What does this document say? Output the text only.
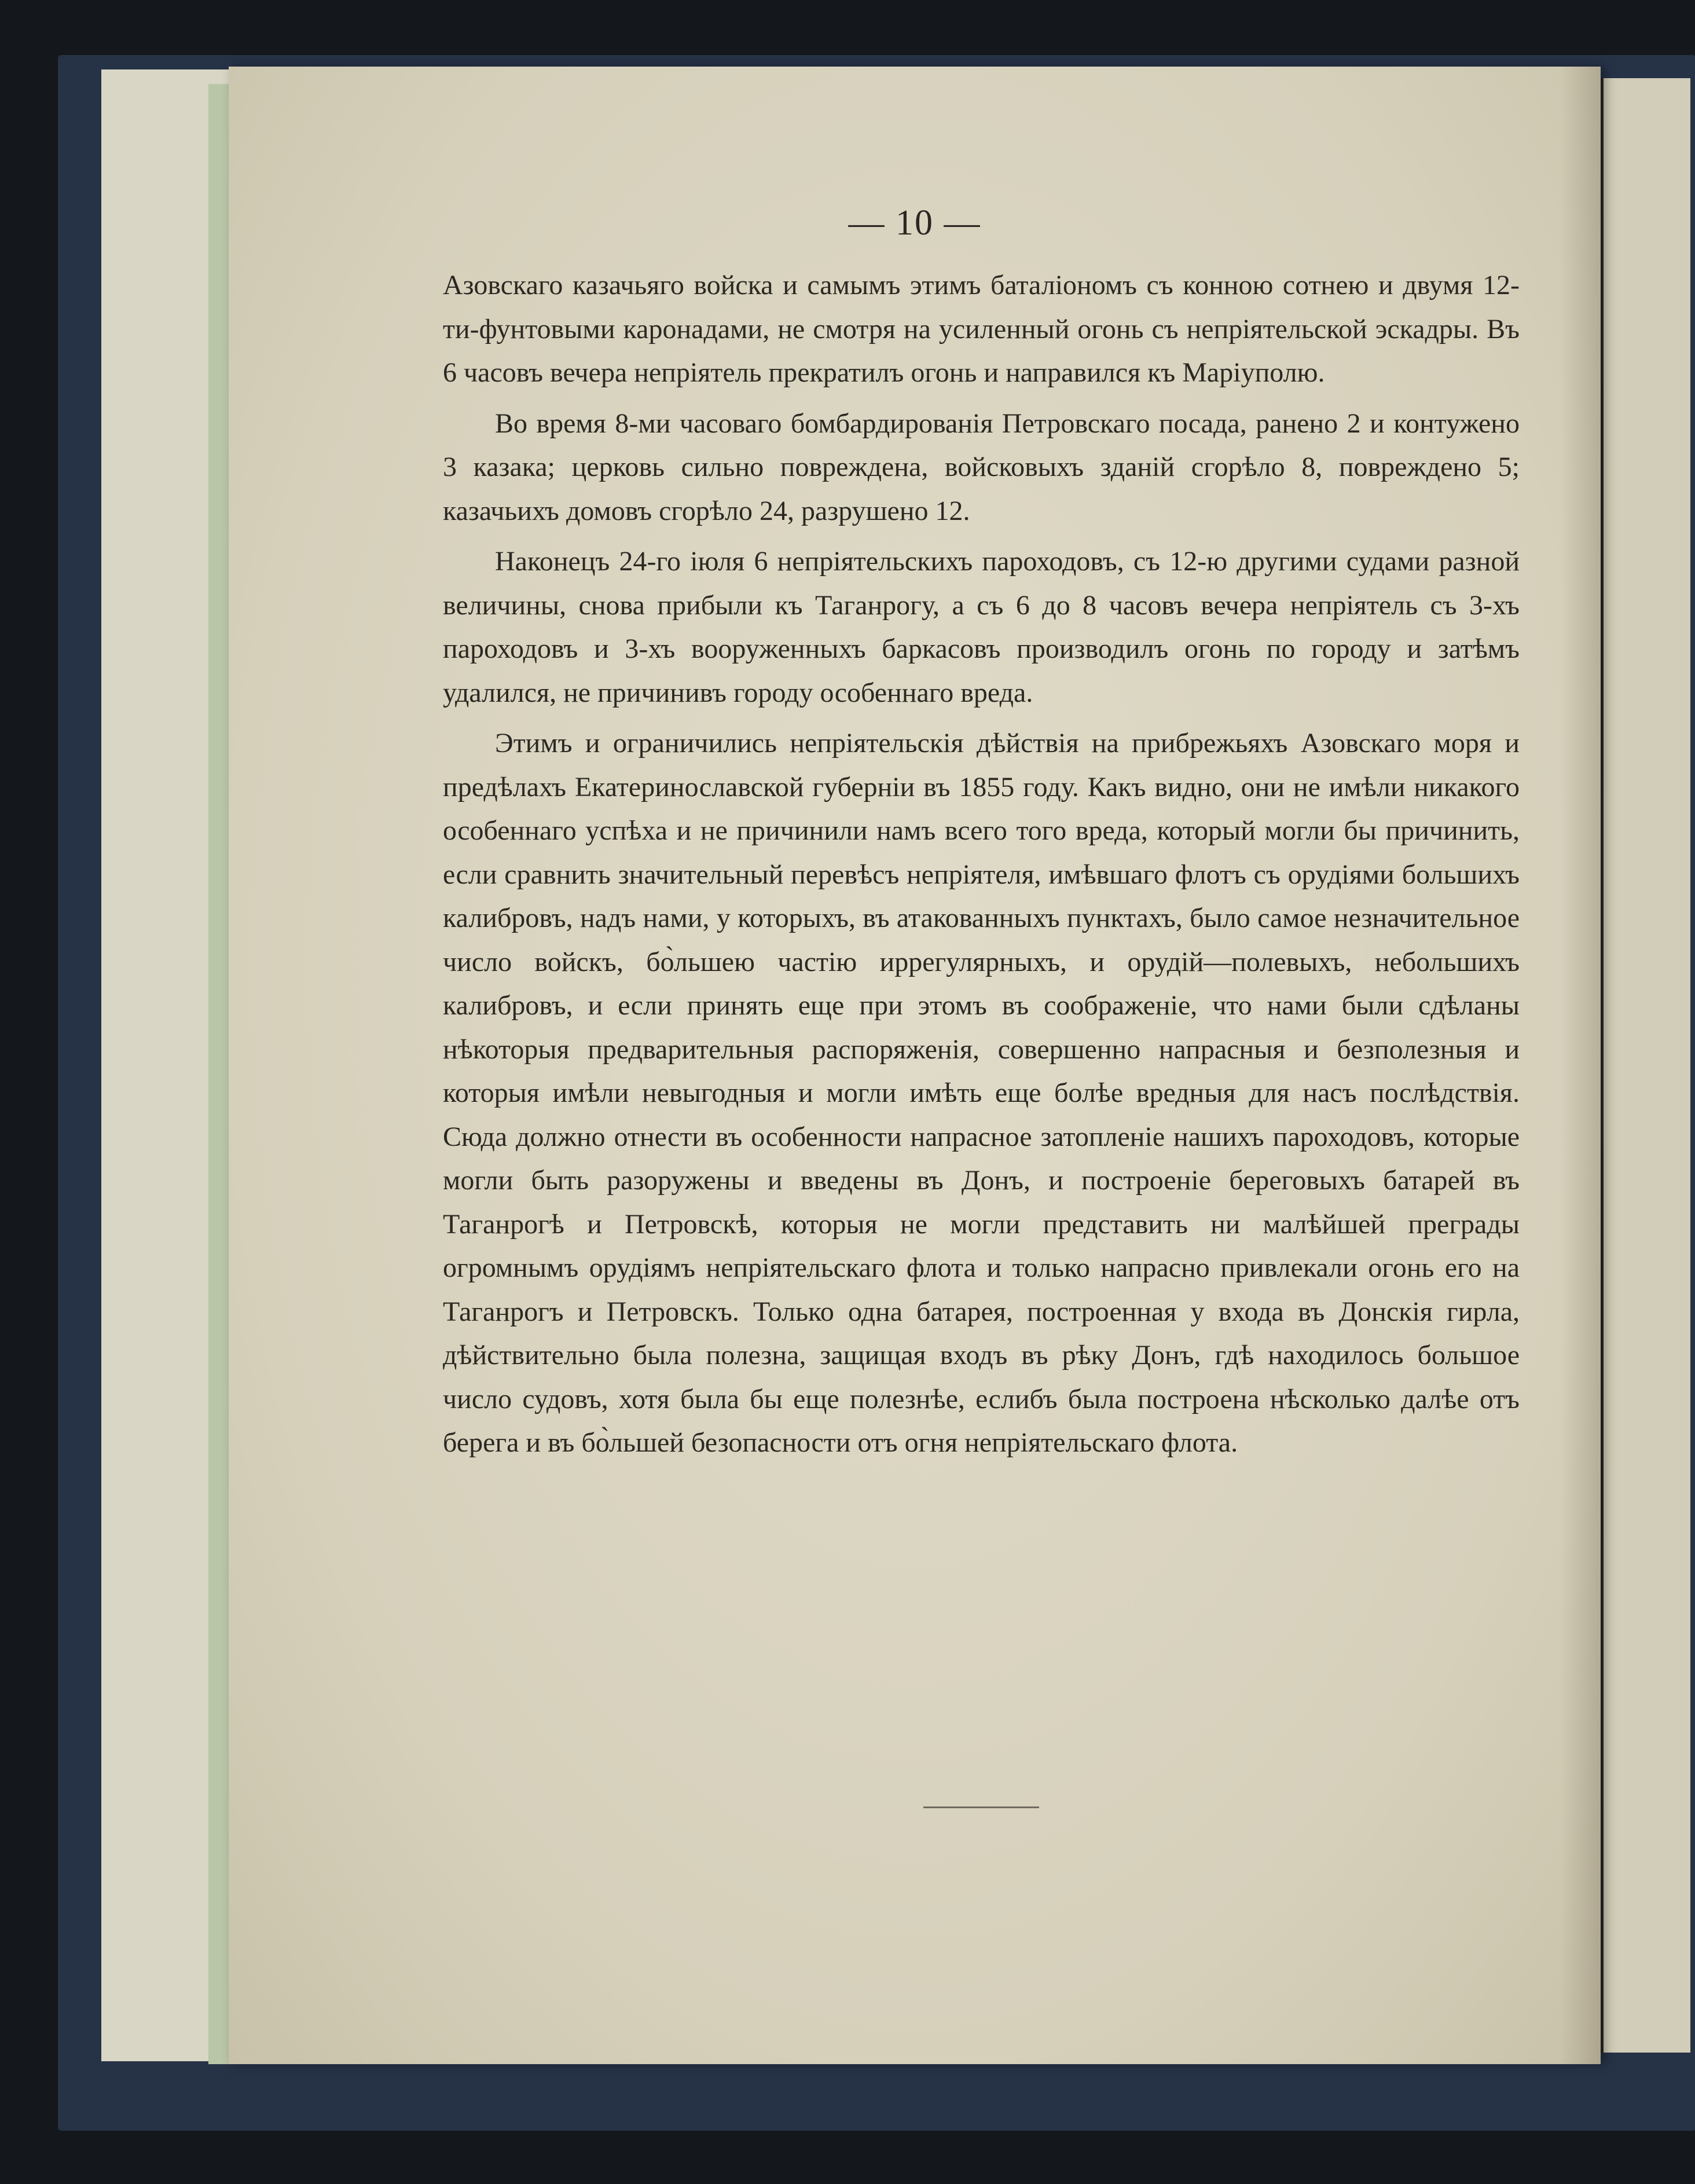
— 10 —

Азовскаго казачьяго войска и самымъ этимъ баталіономъ съ конною сотнею и двумя 12-ти-фунтовыми каронадами, не смотря на усиленный огонь съ непріятельской эскадры. Въ 6 часовъ вечера непріятель прекратилъ огонь и направился къ Маріуполю.

Во время 8-ми часоваго бомбардированія Петровскаго посада, ранено 2 и контужено 3 казака; церковь сильно повреждена, войсковыхъ зданій сгорѣло 8, повреждено 5; казачьихъ домовъ сгорѣло 24, разрушено 12.

Наконецъ 24-го іюля 6 непріятельскихъ пароходовъ, съ 12-ю другими судами разной величины, снова прибыли къ Таганрогу, а съ 6 до 8 часовъ вечера непріятель съ 3-хъ пароходовъ и 3-хъ вооруженныхъ баркасовъ производилъ огонь по городу и затѣмъ удалился, не причинивъ городу особеннаго вреда.

Этимъ и ограничились непріятельскія дѣйствія на прибрежьяхъ Азовскаго моря и предѣлахъ Екатеринославской губерніи въ 1855 году. Какъ видно, они не имѣли никакого особеннаго успѣха и не причинили намъ всего того вреда, который могли бы причинить, если сравнить значительный перевѣсъ непріятеля, имѣвшаго флотъ съ орудіями большихъ калибровъ, надъ нами, у которыхъ, въ атакованныхъ пунктахъ, было самое незначительное число войскъ, бо̀льшею частію иррегулярныхъ, и орудій—полевыхъ, небольшихъ калибровъ, и если принять еще при этомъ въ соображеніе, что нами были сдѣланы нѣкоторыя предварительныя распоряженія, совершенно напрасныя и безполезныя и которыя имѣли невыгодныя и могли имѣть еще болѣе вредныя для насъ послѣдствія. Сюда должно отнести въ особенности напрасное затопленіе нашихъ пароходовъ, которые могли быть разоружены и введены въ Донъ, и построеніе береговыхъ батарей въ Таганрогѣ и Петровскѣ, которыя не могли представить ни малѣйшей преграды огромнымъ орудіямъ непріятельскаго флота и только напрасно привлекали огонь его на Таганрогъ и Петровскъ. Только одна батарея, построенная у входа въ Донскія гирла, дѣйствительно была полезна, защищая входъ въ рѣку Донъ, гдѣ находилось большое число судовъ, хотя была бы еще полезнѣе, еслибъ была построена нѣсколько далѣе отъ берега и въ бо̀льшей безопасности отъ огня непріятельскаго флота.
